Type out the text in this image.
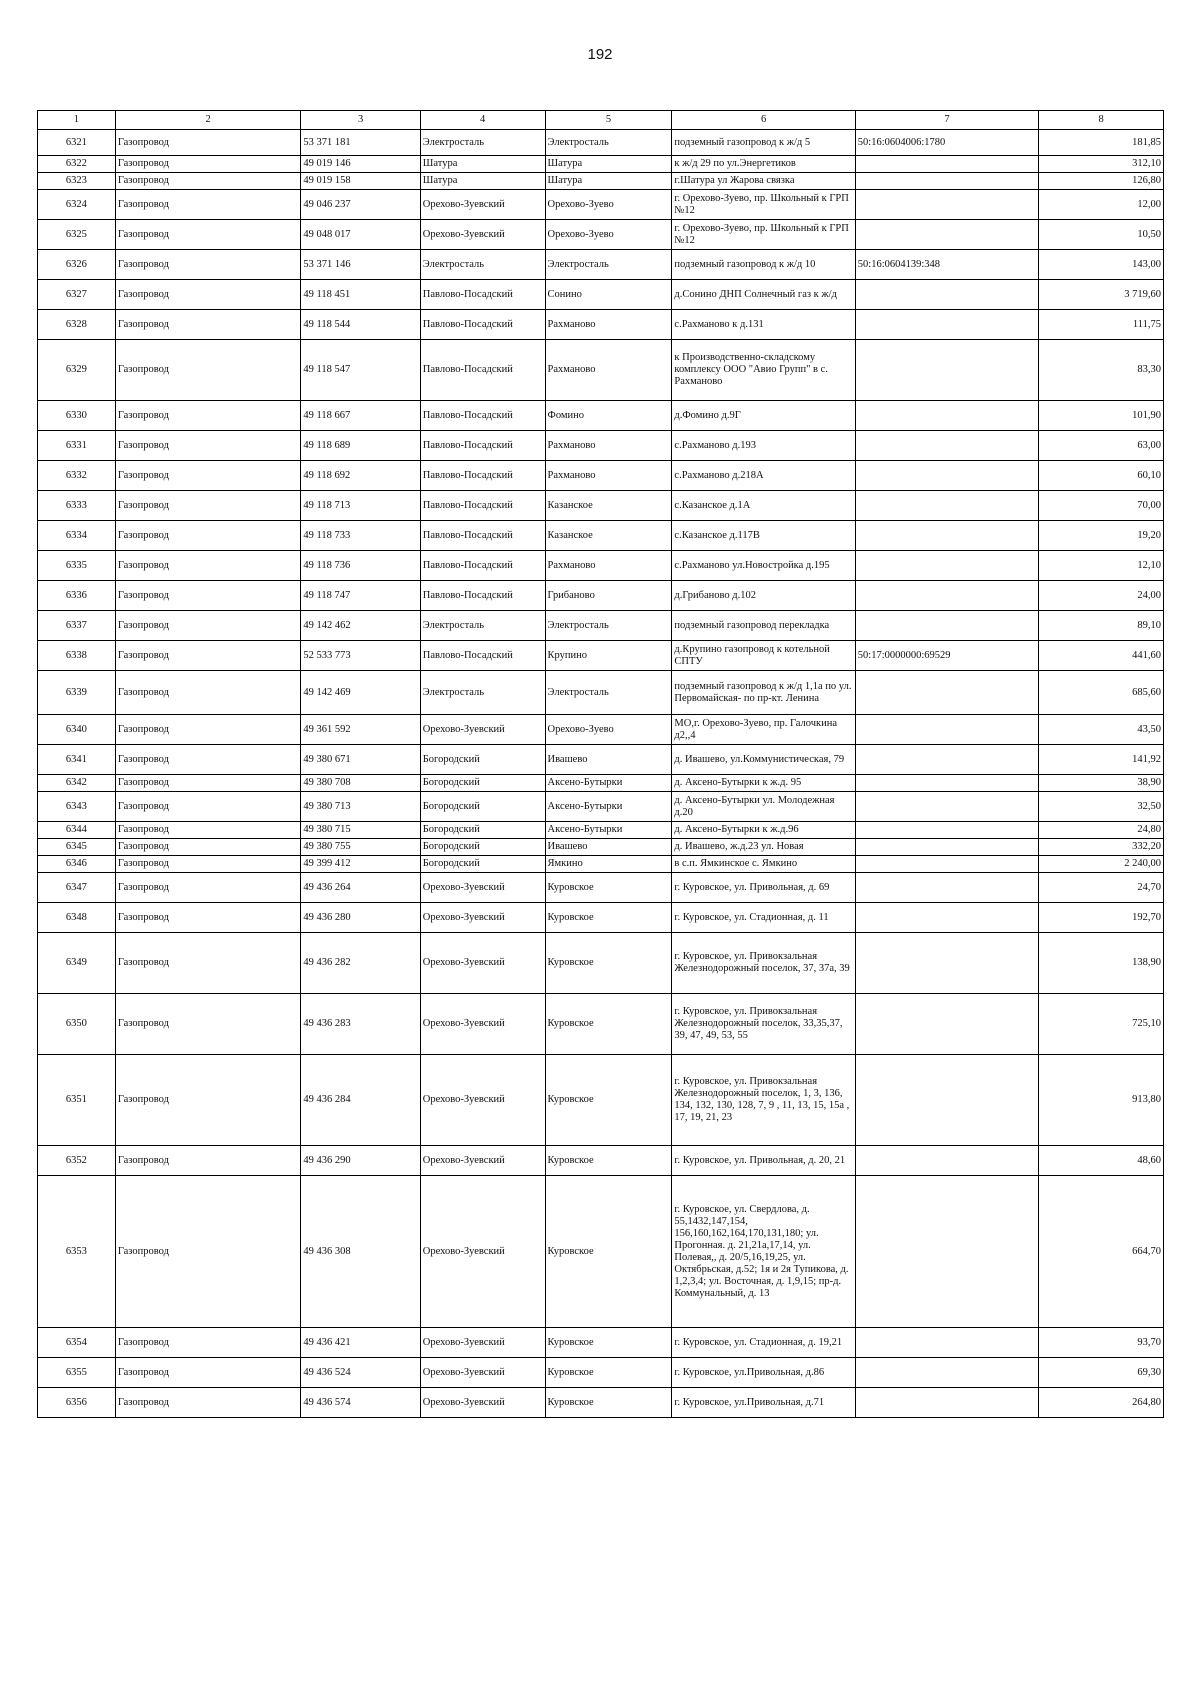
192
1	2	3	4	5	6	7	8
6321	Газопровод	53 371 181	Электросталь	Электросталь	подземный газопровод к ж/д 5	50:16:0604006:1780	181,85
6322	Газопровод	49 019 146	Шатура	Шатура	к ж/д 29 по ул.Энергетиков		312,10
6323	Газопровод	49 019 158	Шатура	Шатура	г.Шатура ул Жарова связка		126,80
6324	Газопровод	49 046 237	Орехово-Зуевский	Орехово-Зуево	г. Орехово-Зуево, пр. Школьный к ГРП №12		12,00
6325	Газопровод	49 048 017	Орехово-Зуевский	Орехово-Зуево	г. Орехово-Зуево, пр. Школьный к ГРП №12		10,50
6326	Газопровод	53 371 146	Электросталь	Электросталь	подземный газопровод к ж/д 10	50:16:0604139:348	143,00
6327	Газопровод	49 118 451	Павлово-Посадский	Сонино	д.Сонино ДНП Солнечный газ к ж/д		3 719,60
6328	Газопровод	49 118 544	Павлово-Посадский	Рахманово	с.Рахманово к д.131		111,75
6329	Газопровод	49 118 547	Павлово-Посадский	Рахманово	к Производственно-складскому комплексу ООО "Авио Групп" в с. Рахманово		83,30
6330	Газопровод	49 118 667	Павлово-Посадский	Фомино	д.Фомино д.9Г		101,90
6331	Газопровод	49 118 689	Павлово-Посадский	Рахманово	с.Рахманово д.193		63,00
6332	Газопровод	49 118 692	Павлово-Посадский	Рахманово	с.Рахманово д.218А		60,10
6333	Газопровод	49 118 713	Павлово-Посадский	Казанское	с.Казанское д.1А		70,00
6334	Газопровод	49 118 733	Павлово-Посадский	Казанское	с.Казанское д.117В		19,20
6335	Газопровод	49 118 736	Павлово-Посадский	Рахманово	с.Рахманово ул.Новостройка д.195		12,10
6336	Газопровод	49 118 747	Павлово-Посадский	Грибаново	д.Грибаново д.102		24,00
6337	Газопровод	49 142 462	Электросталь	Электросталь	подземный газопровод перекладка		89,10
6338	Газопровод	52 533 773	Павлово-Посадский	Крупино	д.Крупино газопровод к котельной СПТУ	50:17:0000000:69529	441,60
6339	Газопровод	49 142 469	Электросталь	Электросталь	подземный газопровод к ж/д 1,1а по ул. Первомайская- по пр-кт. Ленина		685,60
6340	Газопровод	49 361 592	Орехово-Зуевский	Орехово-Зуево	МО,г. Орехово-Зуево, пр. Галочкина д2,,4		43,50
6341	Газопровод	49 380 671	Богородский	Ивашево	д. Ивашево, ул.Коммунистическая, 79		141,92
6342	Газопровод	49 380 708	Богородский	Аксено-Бутырки	д. Аксено-Бутырки к ж.д. 95		38,90
6343	Газопровод	49 380 713	Богородский	Аксено-Бутырки	д. Аксено-Бутырки ул. Молодежная д.20		32,50
6344	Газопровод	49 380 715	Богородский	Аксено-Бутырки	д. Аксено-Бутырки к ж.д.96		24,80
6345	Газопровод	49 380 755	Богородский	Ивашево	д. Ивашево, ж.д.23 ул. Новая		332,20
6346	Газопровод	49 399 412	Богородский	Ямкино	в с.п. Ямкинское с. Ямкино		2 240,00
6347	Газопровод	49 436 264	Орехово-Зуевский	Куровское	г. Куровское, ул. Привольная, д. 69		24,70
6348	Газопровод	49 436 280	Орехово-Зуевский	Куровское	г. Куровское, ул. Стадионная, д. 11		192,70
6349	Газопровод	49 436 282	Орехово-Зуевский	Куровское	г. Куровское, ул. Привокзальная Железнодорожный поселок, 37, 37а, 39		138,90
6350	Газопровод	49 436 283	Орехово-Зуевский	Куровское	г. Куровское, ул. Привокзальная Железнодорожный поселок, 33,35,37, 39, 47, 49, 53, 55		725,10
6351	Газопровод	49 436 284	Орехово-Зуевский	Куровское	г. Куровское, ул. Привокзальная Железнодорожный поселок, 1, 3, 136, 134, 132, 130, 128, 7, 9 , 11, 13, 15, 15а , 17, 19, 21, 23		913,80
6352	Газопровод	49 436 290	Орехово-Зуевский	Куровское	г. Куровское, ул. Привольная, д. 20, 21		48,60
6353	Газопровод	49 436 308	Орехово-Зуевский	Куровское	г. Куровское, ул. Свердлова, д. 55,1432,147,154, 156,160,162,164,170,131,180; ул. Прогонная. д. 21,21а,17,14, ул. Полевая,, д. 20/5,16,19,25, ул. Октябрьская, д.52; 1я и 2я Тупикова, д. 1,2,3,4; ул. Восточная, д. 1,9,15; пр-д. Коммунальный, д. 13		664,70
6354	Газопровод	49 436 421	Орехово-Зуевский	Куровское	г. Куровское, ул. Стадионная, д. 19,21		93,70
6355	Газопровод	49 436 524	Орехово-Зуевский	Куровское	г. Куровское, ул.Привольная, д.86		69,30
6356	Газопровод	49 436 574	Орехово-Зуевский	Куровское	г. Куровское, ул.Привольная, д.71		264,80
